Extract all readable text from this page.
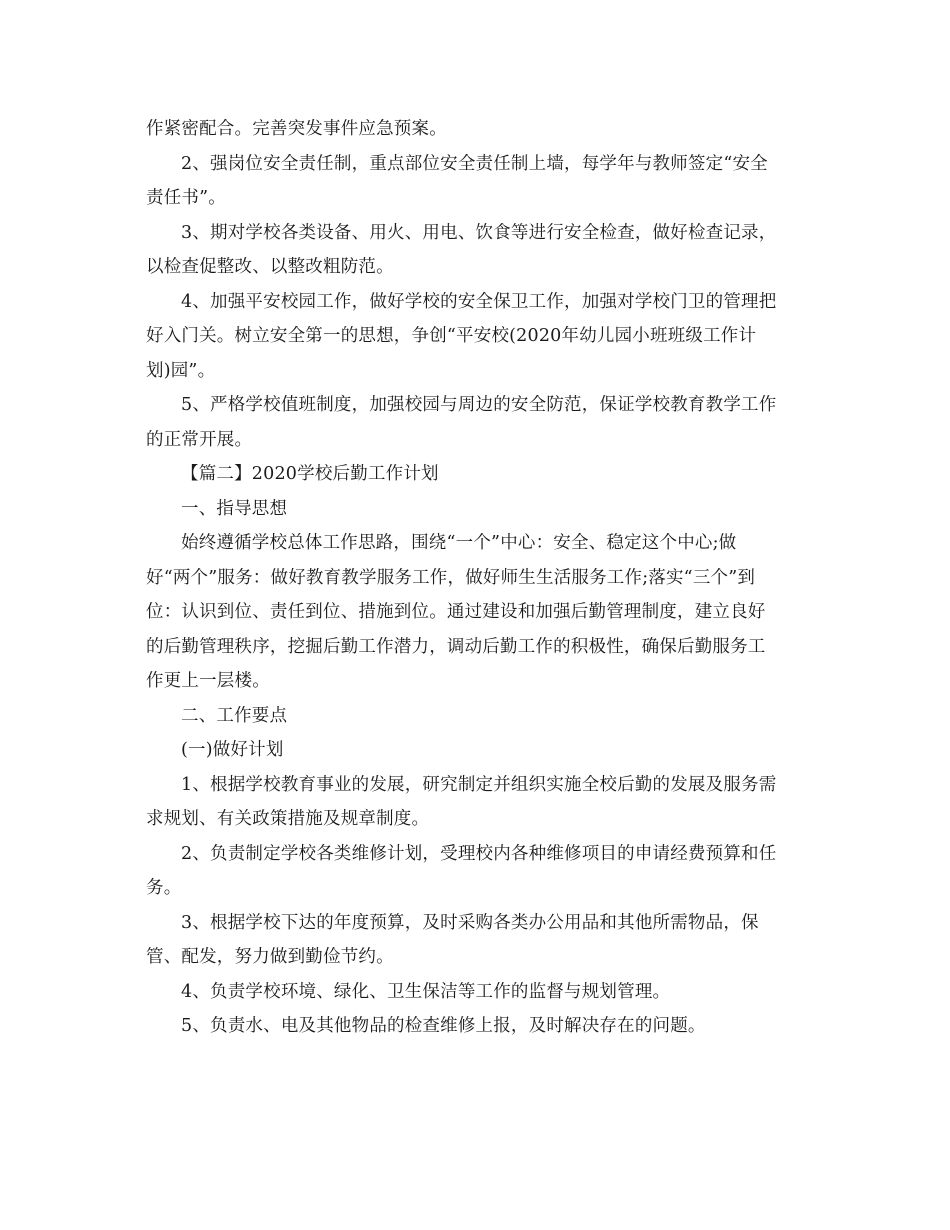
作紧密配合。完善突发事件应急预案。
2、强岗位安全责任制，重点部位安全责任制上墙，每学年与教师签定“安全
责任书”。
3、期对学校各类设备、用火、用电、饮食等进行安全检查，做好检查记录，
以检查促整改、以整改粗防范。
4、加强平安校园工作，做好学校的安全保卫工作，加强对学校门卫的管理把
好入门关。树立安全第一的思想，争创“平安校(2020年幼儿园小班班级工作计
划)园”。
5、严格学校值班制度，加强校园与周边的安全防范，保证学校教育教学工作
的正常开展。
【篇二】2020学校后勤工作计划
一、指导思想
始终遵循学校总体工作思路，围绕“一个”中心：安全、稳定这个中心;做
好“两个”服务：做好教育教学服务工作，做好师生生活服务工作;落实“三个”到
位：认识到位、责任到位、措施到位。通过建设和加强后勤管理制度，建立良好
的后勤管理秩序，挖掘后勤工作潜力，调动后勤工作的积极性，确保后勤服务工
作更上一层楼。
二、工作要点
(一)做好计划
1、根据学校教育事业的发展，研究制定并组织实施全校后勤的发展及服务需
求规划、有关政策措施及规章制度。
2、负责制定学校各类维修计划，受理校内各种维修项目的申请经费预算和任
务。
3、根据学校下达的年度预算，及时采购各类办公用品和其他所需物品，保
管、配发，努力做到勤俭节约。
4、负责学校环境、绿化、卫生保洁等工作的监督与规划管理。
5、负责水、电及其他物品的检查维修上报，及时解决存在的问题。
